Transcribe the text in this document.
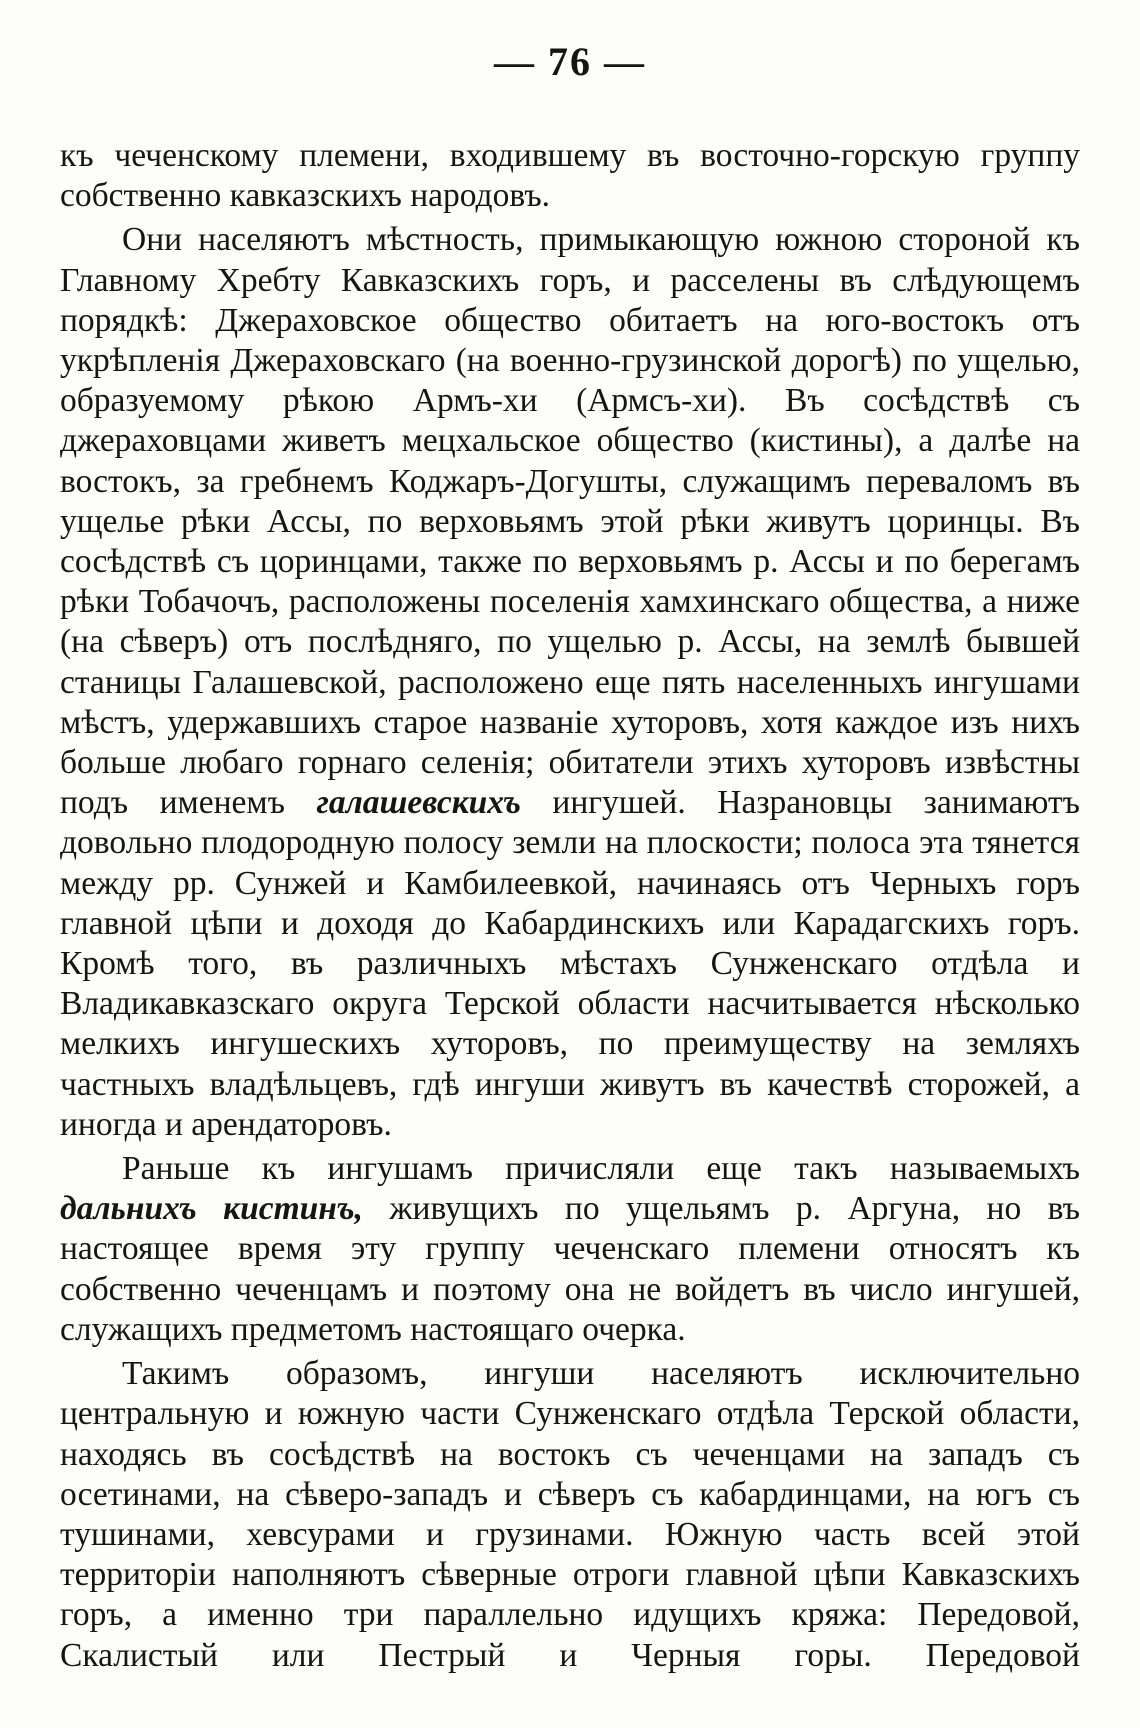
— 76 —

къ чеченскому племени, входившему въ восточно-горскую группу собственно кавказскихъ народовъ.

Они населяютъ мѣстность, примыкающую южною стороной къ Главному Хребту Кавказскихъ горъ, и расселены въ слѣдующемъ порядкѣ: Джераховское общество обитаетъ на юго-востокъ отъ укрѣпленія Джераховскаго (на военно-грузинской дорогѣ) по ущелью, образуемому рѣкою Армъ-хи (Армсъ-хи). Въ сосѣдствѣ съ джераховцами живетъ мецхальское общество (кистины), а далѣе на востокъ, за гребнемъ Коджаръ-Догушты, служащимъ переваломъ въ ущелье рѣки Ассы, по верховьямъ этой рѣки живутъ цоринцы. Въ сосѣдствѣ съ цоринцами, также по верховьямъ р. Ассы и по берегамъ рѣки Тобачочъ, расположены поселенія хамхинскаго общества, а ниже (на сѣверъ) отъ послѣдняго, по ущелью р. Ассы, на землѣ бывшей станицы Галашевской, расположено еще пять населенныхъ ингушами мѣстъ, удержавшихъ старое названіе хуторовъ, хотя каждое изъ нихъ больше любаго горнаго селенія; обитатели этихъ хуторовъ извѣстны подъ именемъ галашевскихъ ингушей. Назрановцы занимаютъ довольно плодородную полосу земли на плоскости; полоса эта тянется между рр. Сунжей и Камбилеевкой, начинаясь отъ Черныхъ горъ главной цѣпи и доходя до Кабардинскихъ или Карадагскихъ горъ. Кромѣ того, въ различныхъ мѣстахъ Сунженскаго отдѣла и Владикавказскаго округа Терской области насчитывается нѣсколько мелкихъ ингушескихъ хуторовъ, по преимуществу на земляхъ частныхъ владѣльцевъ, гдѣ ингуши живутъ въ качествѣ сторожей, а иногда и арендаторовъ.

Раньше къ ингушамъ причисляли еще такъ называемыхъ дальнихъ кистинъ, живущихъ по ущельямъ р. Аргуна, но въ настоящее время эту группу чеченскаго племени относятъ къ собственно чеченцамъ и поэтому она не войдетъ въ число ингушей, служащихъ предметомъ настоящаго очерка.

Такимъ образомъ, ингуши населяютъ исключительно центральную и южную части Сунженскаго отдѣла Терской области, находясь въ сосѣдствѣ на востокъ съ чеченцами на западъ съ осетинами, на сѣверо-западъ и сѣверъ съ кабардинцами, на югъ съ тушинами, хевсурами и грузинами. Южную часть всей этой территоріи наполняютъ сѣверные отроги главной цѣпи Кавказскихъ горъ, а именно три параллельно идущихъ кряжа: Передовой, Скалистый или Пестрый и Черныя горы. Передовой
